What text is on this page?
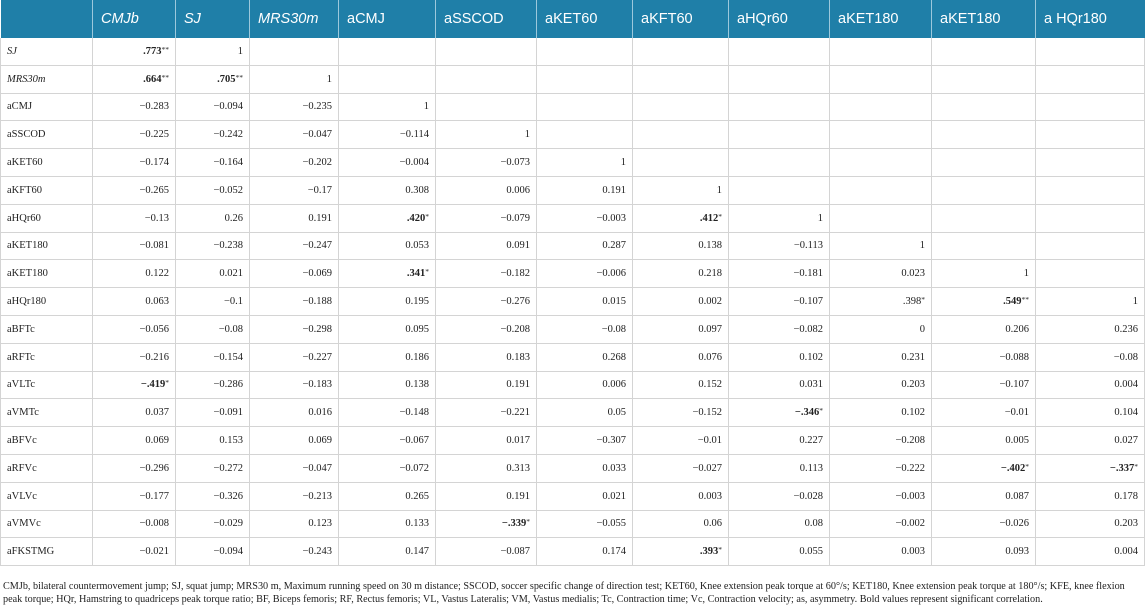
	CMJb	SJ	MRS30m	aCMJ	aSSCOD	aKET60	aKFT60	aHQr60	aKET180	aKET180	a HQr180
SJ	.773**	1									
MRS30m	.664**	.705**	1								
aCMJ	−0.283	−0.094	−0.235	1							
aSSCOD	−0.225	−0.242	−0.047	−0.114	1						
aKET60	−0.174	−0.164	−0.202	−0.004	−0.073	1					
aKFT60	−0.265	−0.052	−0.17	0.308	0.006	0.191	1				
aHQr60	−0.13	0.26	0.191	.420*	−0.079	−0.003	.412*	1			
aKET180	−0.081	−0.238	−0.247	0.053	0.091	0.287	0.138	−0.113	1		
aKET180	0.122	0.021	−0.069	.341*	−0.182	−0.006	0.218	−0.181	0.023	1	
aHQr180	0.063	−0.1	−0.188	0.195	−0.276	0.015	0.002	−0.107	.398*	.549**	1
aBFTc	−0.056	−0.08	−0.298	0.095	−0.208	−0.08	0.097	−0.082	0	0.206	0.236
aRFTc	−0.216	−0.154	−0.227	0.186	0.183	0.268	0.076	0.102	0.231	−0.088	−0.08
aVLTc	−.419*	−0.286	−0.183	0.138	0.191	0.006	0.152	0.031	0.203	−0.107	0.004
aVMTc	0.037	−0.091	0.016	−0.148	−0.221	0.05	−0.152	−.346*	0.102	−0.01	0.104
aBFVc	0.069	0.153	0.069	−0.067	0.017	−0.307	−0.01	0.227	−0.208	0.005	0.027
aRFVc	−0.296	−0.272	−0.047	−0.072	0.313	0.033	−0.027	0.113	−0.222	−.402*	−.337*
aVLVc	−0.177	−0.326	−0.213	0.265	0.191	0.021	0.003	−0.028	−0.003	0.087	0.178
aVMVc	−0.008	−0.029	0.123	0.133	−.339*	−0.055	0.06	0.08	−0.002	−0.026	0.203
aFKSTMG	−0.021	−0.094	−0.243	0.147	−0.087	0.174	.393*	0.055	0.003	0.093	0.004
CMJb, bilateral countermovement jump; SJ, squat jump; MRS30 m, Maximum running speed on 30 m distance; SSCOD, soccer specific change of direction test; KET60, Knee extension peak torque at 60°/s; KET180, Knee extension peak torque at 180°/s; KFE, knee flexion peak torque; HQr, Hamstring to quadriceps peak torque ratio; BF, Biceps femoris; RF, Rectus femoris; VL, Vastus Lateralis; VM, Vastus medialis; Tc, Contraction time; Vc, Contraction velocity; as, asymmetry. Bold values represent significant correlation.
